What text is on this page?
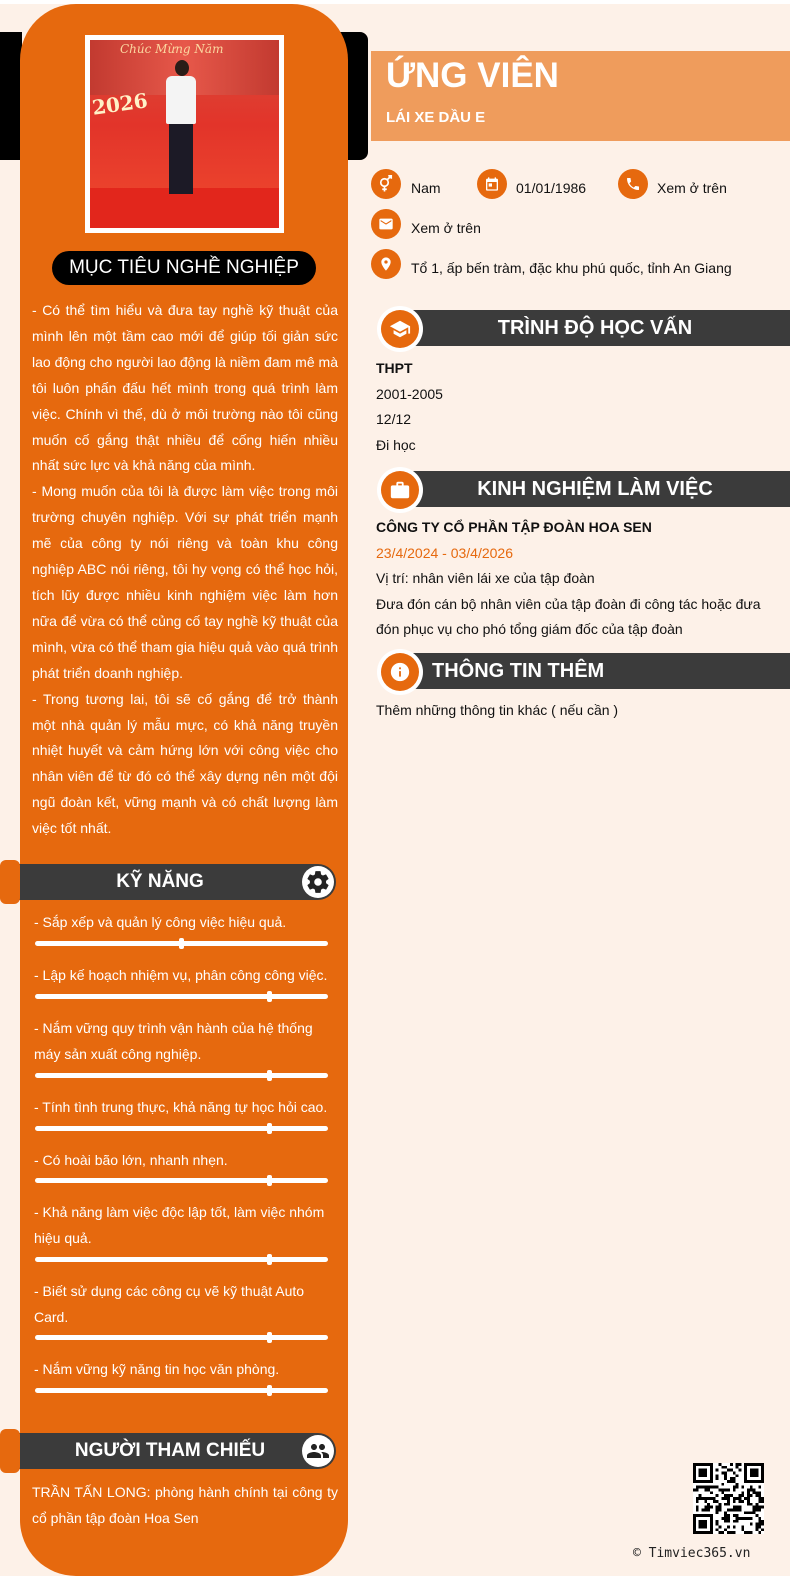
Chúc Mừng Năm
2026
MỤC TIÊU NGHỀ NGHIỆP

- Có thể tìm hiểu và đưa tay nghề kỹ thuật của mình lên một tầm cao mới để giúp tối giản sức lao động cho người lao động là niềm đam mê mà tôi luôn phấn đấu hết mình trong quá trình làm việc. Chính vì thế, dù ở môi trường nào tôi cũng muốn cố gắng thật nhiều để cống hiến nhiều nhất sức lực và khả năng của mình.

- Mong muốn của tôi là được làm việc trong môi trường chuyên nghiệp. Với sự phát triển mạnh mẽ của công ty nói riêng và toàn khu công nghiệp ABC nói riêng, tôi hy vọng có thể học hỏi, tích lũy được nhiều kinh nghiệm việc làm hơn nữa để vừa có thể củng cố tay nghề kỹ thuật của mình, vừa có thể tham gia hiệu quả vào quá trình phát triển doanh nghiệp.

- Trong tương lai, tôi sẽ cố gắng để trở thành một nhà quản lý mẫu mực, có khả năng truyền nhiệt huyết và cảm hứng lớn với công việc cho nhân viên để từ đó có thể xây dựng nên một đội ngũ đoàn kết, vững mạnh và có chất lượng làm việc tốt nhất.

KỸ NĂNG
- Sắp xếp và quản lý công việc hiệu quả.
- Lập kế hoạch nhiệm vụ, phân công công việc.
- Nắm vững quy trình vận hành của hệ thống máy sản xuất công nghiệp.
- Tính tình trung thực, khả năng tự học hỏi cao.
- Có hoài bão lớn, nhanh nhẹn.
- Khả năng làm việc độc lập tốt, làm việc nhóm hiệu quả.
- Biết sử dụng các công cụ vẽ kỹ thuật Auto Card.
- Nắm vững kỹ năng tin học văn phòng.
NGƯỜI THAM CHIẾU
TRẦN TẤN LONG: phòng hành chính tại công ty cổ phần tập đoàn Hoa Sen
ỨNG VIÊN
LÁI XE DẦU E
Nam	01/01/1986	Xem ở trên
Xem ở trên
Tổ 1, ấp bến tràm, đặc khu phú quốc, tỉnh An Giang
TRÌNH ĐỘ HỌC VẤN
THPT
2001-2005
12/12
Đi học
KINH NGHIỆM LÀM VIỆC
CÔNG TY CỔ PHẦN TẬP ĐOÀN HOA SEN
23/4/2024 - 03/4/2026
Vị trí: nhân viên lái xe của tập đoàn
Đưa đón cán bộ nhân viên của tập đoàn đi công tác hoặc đưa đón phục vụ cho phó tổng giám đốc của tập đoàn
THÔNG TIN THÊM
Thêm những thông tin khác ( nếu cần )
© Timviec365.vn
